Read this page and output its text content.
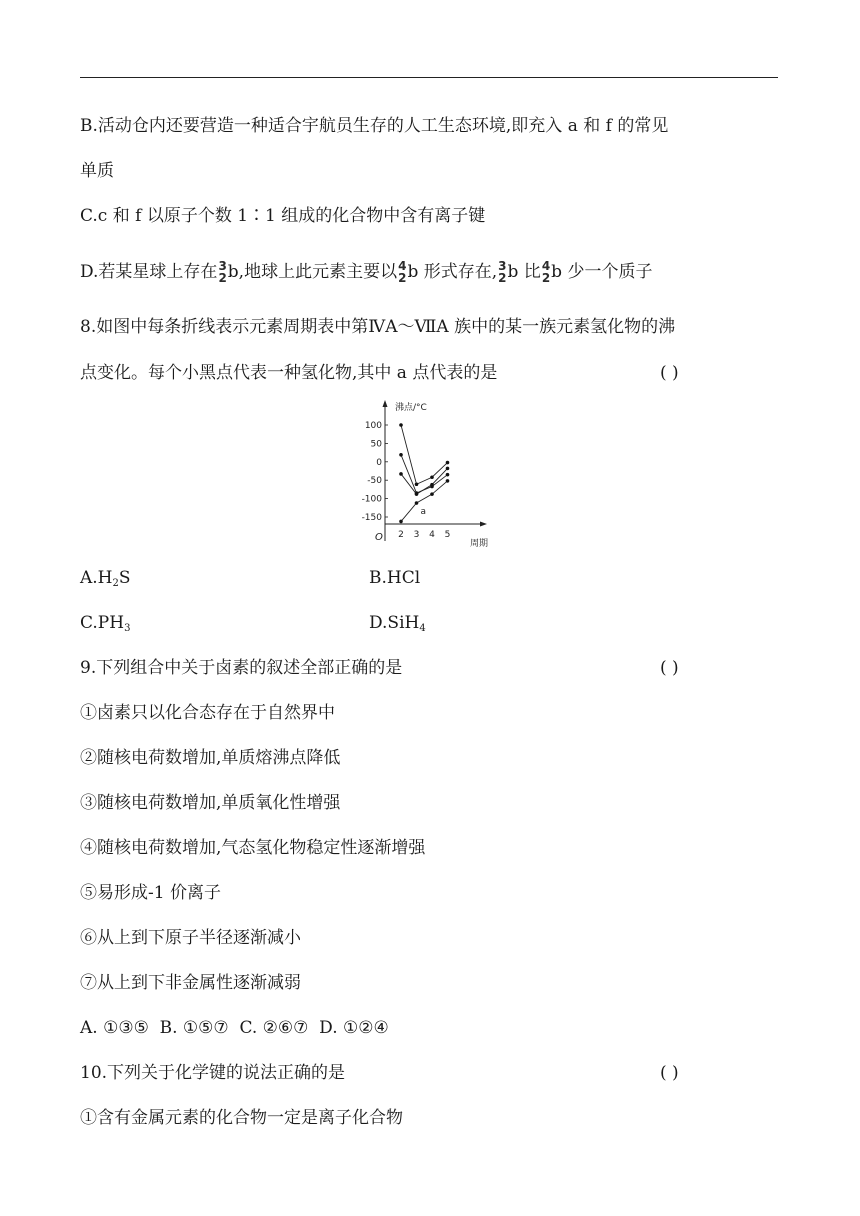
B.活动仓内还要营造一种适合宇航员生存的人工生态环境,即充入 a 和 f 的常见
单质
C.c 和 f 以原子个数 1∶1 组成的化合物中含有离子键
D.若某星球上存在 3
2 b,地球上此元素主要以 4
2 b 形式存在, 3
2 b 比 4
2 b 少一个质子
8.如图中每条折线表示元素周期表中第ⅣA～ⅦA 族中的某一族元素氢化物的沸
点变化。每个小黑点代表一种氢化物,其中 a 点代表的是	( )
沸点/°C
周期
O
100
50
0
-50
-100
-150
2 3 4 5
a
$A.H_2S$	B.HCl
$C.PH_3$	D.SiH$_4$
9.下列组合中关于卤素的叙述全部正确的是	( )
①卤素只以化合态存在于自然界中
②随核电荷数增加,单质熔沸点降低
③随核电荷数增加,单质氧化性增强
④随核电荷数增加,气态氢化物稳定性逐渐增强
⑤易形成-1 价离子
⑥从上到下原子半径逐渐减小
⑦从上到下非金属性逐渐减弱
A. ①③⑤  B. ①⑤⑦  C. ②⑥⑦  D. ①②④
10.下列关于化学键的说法正确的是	( )
①含有金属元素的化合物一定是离子化合物
